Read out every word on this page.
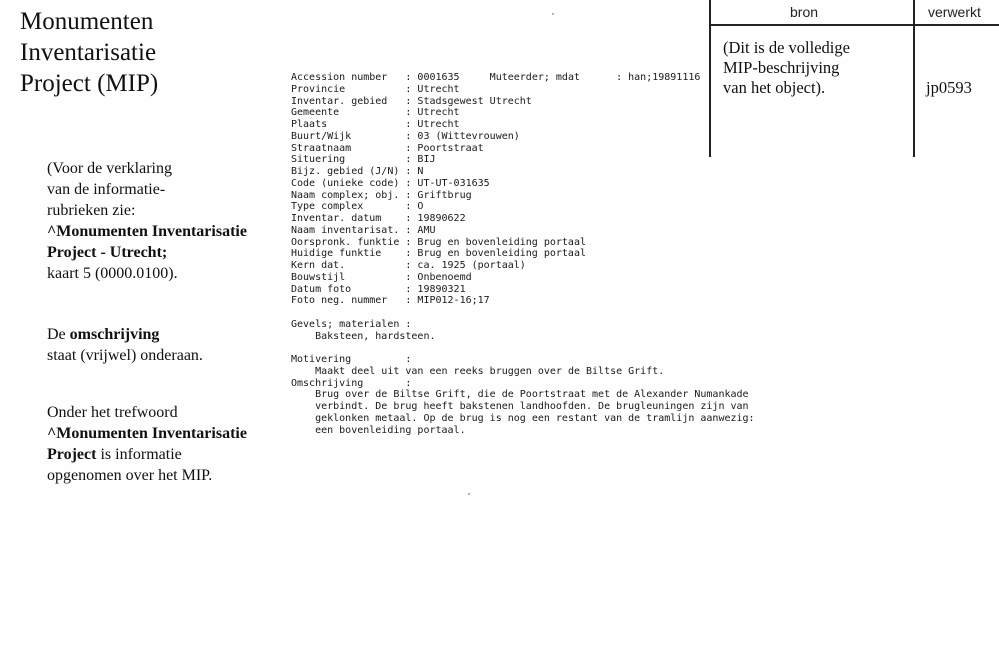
Monumenten
Inventarisatie
Project (MIP)
(Voor de verklaring
van de informatie-
rubrieken zie:
^Monumenten Inventarisatie
Project - Utrecht;
kaart 5 (0000.0100).
De omschrijving
staat (vrijwel) onderaan.
Onder het trefwoord
^Monumenten Inventarisatie
Project is informatie
opgenomen over het MIP.
Accession number	: 0001635	Muteerder; mdat      : han;19891116
Provincie	: Utrecht
Inventar. gebied	: Stadsgewest Utrecht
Gemeente	: Utrecht
Plaats	: Utrecht
Buurt/Wijk	: 03 (Wittevrouwen)
Straatnaam	: Poortstraat
Situering	: BIJ
Bijz. gebied (J/N) : N
Code (unieke code) : UT-UT-031635
Naam complex; obj. : Griftbrug
Type complex	: O
Inventar. datum	: 19890622
Naam inventarisat. : AMU
Oorspronk. funktie : Brug en bovenleiding portaal
Huidige funktie	: Brug en bovenleiding portaal
Kern dat.	: ca. 1925 (portaal)
Bouwstijl	: Onbenoemd
Datum foto	: 19890321
Foto neg. nummer	: MIP012-16;17
Gevels; materialen :
Baksteen, hardsteen.
Motivering         :
Maakt deel uit van een reeks bruggen over de Biltse Grift.
Omschrijving       :
Brug over de Biltse Grift, die de Poortstraat met de Alexander Numankade
verbindt. De brug heeft bakstenen landhoofden. De brugleuningen zijn van
geklonken metaal. Op de brug is nog een restant van de tramlijn aanwezig:
een bovenleiding portaal.
bron	verwerkt
(Dit is de volledige
MIP-beschrijving
van het object).	jp0593
